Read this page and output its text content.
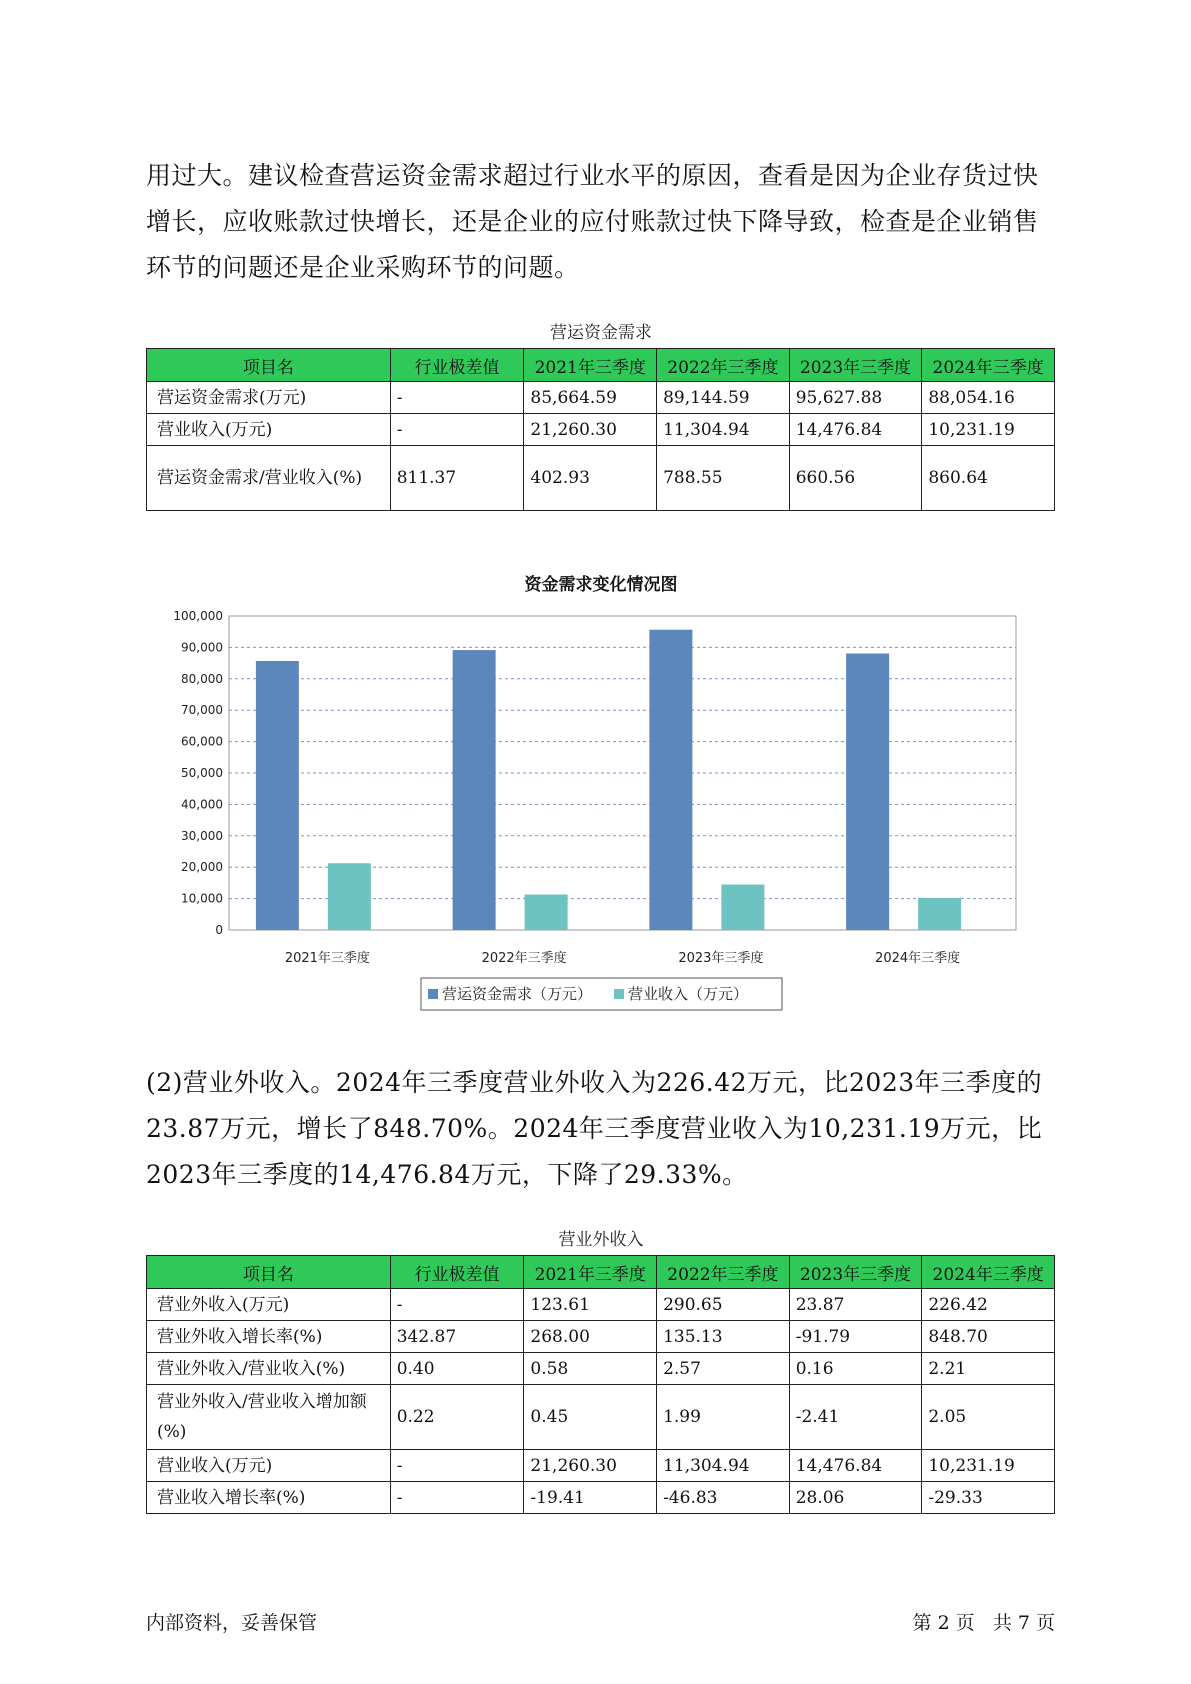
用过大。建议检查营运资金需求超过行业水平的原因，查看是因为企业存货过快增长，应收账款过快增长，还是企业的应付账款过快下降导致，检查是企业销售环节的问题还是企业采购环节的问题。

营运资金需求
项目名	行业极差值	2021年三季度	2022年三季度	2023年三季度	2024年三季度
营运资金需求(万元)	-	85,664.59	89,144.59	95,627.88	88,054.16
营业收入(万元)	-	21,260.30	11,304.94	14,476.84	10,231.19
营运资金需求/营业收入(%)	811.37	402.93	788.55	660.56	860.64
资金需求变化情况图
0
10,000
20,000
30,000
40,000
50,000
60,000
70,000
80,000
90,000
100,000
2021年三季度	2022年三季度	2023年三季度	2024年三季度
营运资金需求（万元） 营业收入（万元）

(2)营业外收入。2024年三季度营业外收入为226.42万元，比2023年三季度的23.87万元，增长了848.70%。2024年三季度营业收入为10,231.19万元，比2023年三季度的14,476.84万元，下降了29.33%。

营业外收入
项目名	行业极差值	2021年三季度	2022年三季度	2023年三季度	2024年三季度
营业外收入(万元)	-	123.61	290.65	23.87	226.42
营业外收入增长率(%)	342.87	268.00	135.13	-91.79	848.70
营业外收入/营业收入(%)	0.40	0.58	2.57	0.16	2.21
营业外收入/营业收入增加额(%)	0.22	0.45	1.99	-2.41	2.05
营业收入(万元)	-	21,260.30	11,304.94	14,476.84	10,231.19
营业收入增长率(%)	-	-19.41	-46.83	28.06	-29.33
内部资料，妥善保管	第 2 页   共 7 页
